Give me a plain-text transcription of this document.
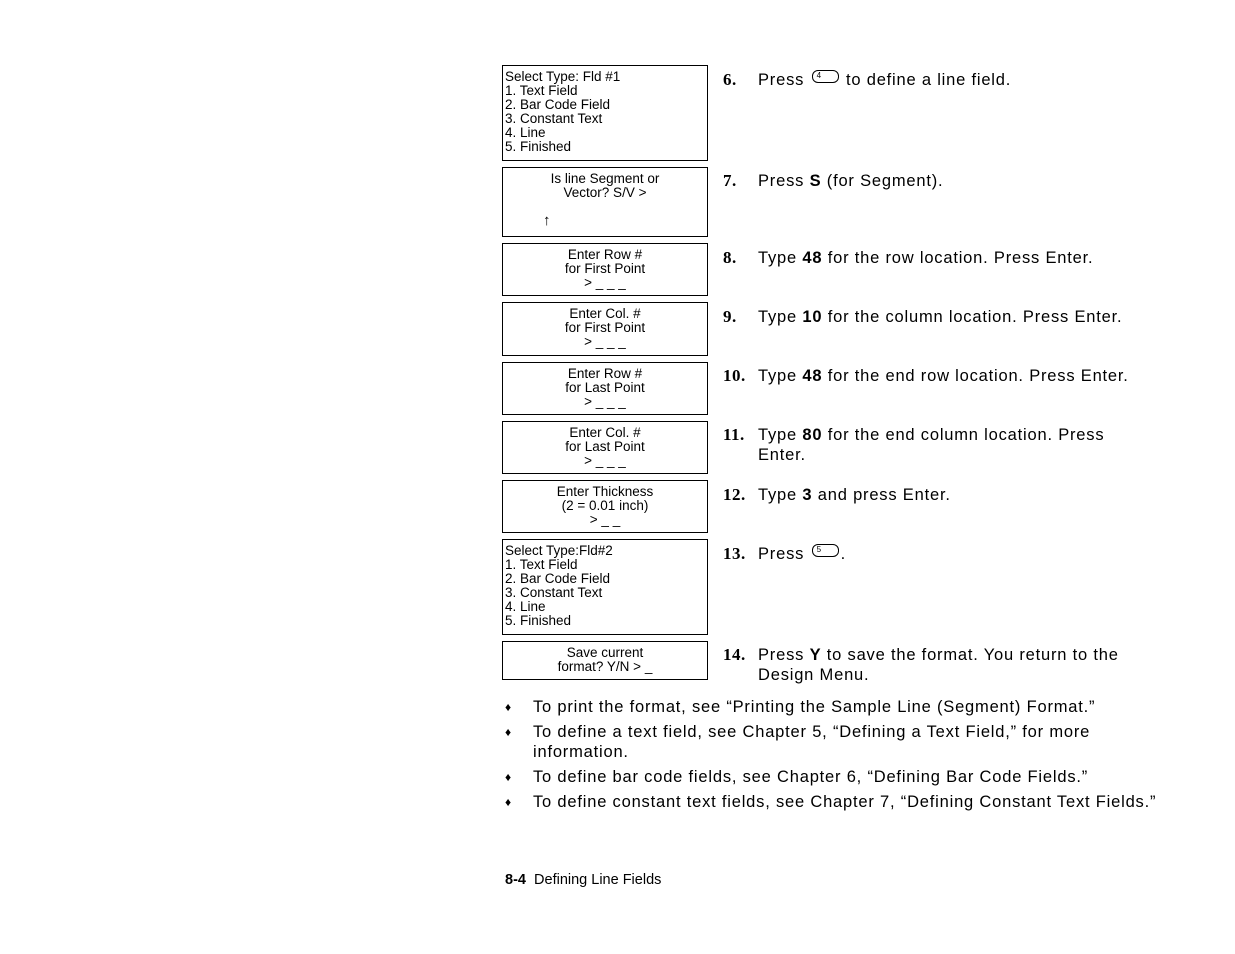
Select Type: Fld #1
1. Text Field
2. Bar Code Field
3. Constant Text
4. Line
5. Finished
Is line Segment or
Vector? S/V >
↑
Enter Row #
for First Point
> _ _ _
Enter Col. #
for First Point
> _ _ _
Enter Row #
for Last Point
> _ _ _
Enter Col. #
for Last Point
> _ _ _
Enter Thickness
(2 = 0.01 inch)
> _ _
Select Type:Fld#2
1. Text Field
2. Bar Code Field
3. Constant Text
4. Line
5. Finished
Save current
format? Y/N > _
6.	Press 4 to define a line field.
7.	Press S (for Segment).
8.	Type 48 for the row location. Press Enter.
9.	Type 10 for the column location. Press Enter.
10. Type 48 for the end row location. Press Enter.
11. Type 80 for the end column location. Press Enter.
12. Type 3 and press Enter.
13. Press 5 .
14. Press Y to save the format. You return to the Design Menu.
♦	To print the format, see “Printing the Sample Line (Segment) Format.”
♦	To define a text field, see Chapter 5, “Defining a Text Field,” for more information.
♦	To define bar code fields, see Chapter 6, “Defining Bar Code Fields.”
♦	To define constant text fields, see Chapter 7, “Defining Constant Text Fields.”
8-4 Defining Line Fields
